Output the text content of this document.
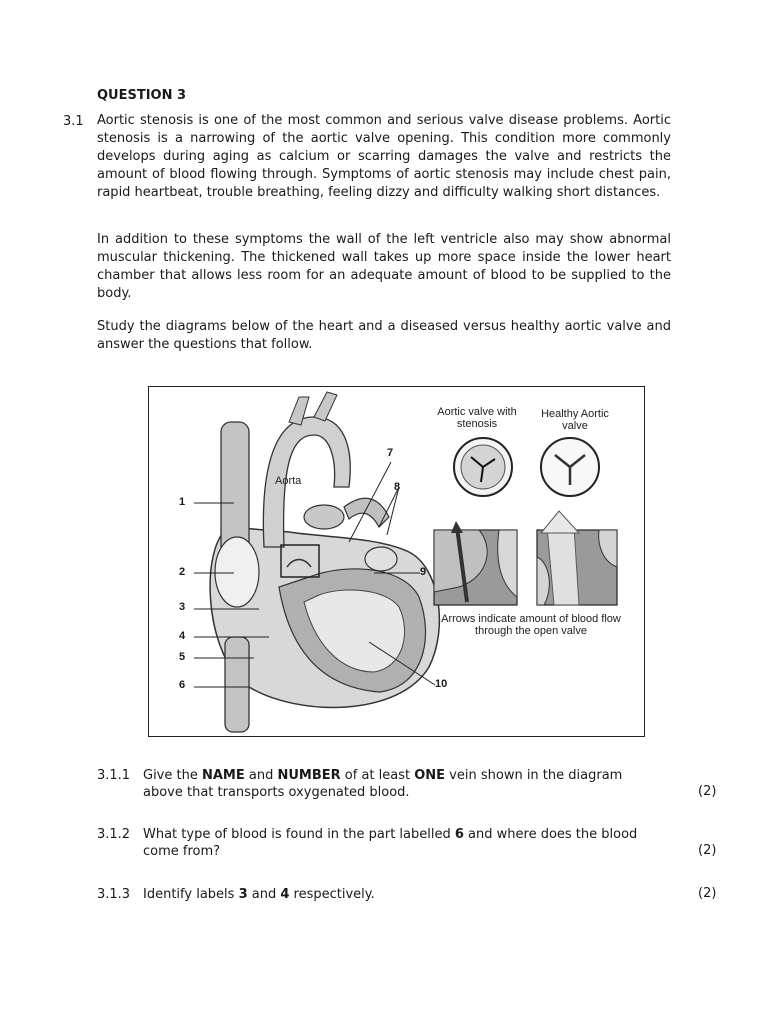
QUESTION 3
3.1 Aortic stenosis is one of the most common and serious valve disease problems. Aortic stenosis is a narrowing of the aortic valve opening. This condition more commonly develops during aging as calcium or scarring damages the valve and restricts the amount of blood flowing through. Symptoms of aortic stenosis may include chest pain, rapid heartbeat, trouble breathing, feeling dizzy and difficulty walking short distances.
In addition to these symptoms the wall of the left ventricle also may show abnormal muscular thickening. The thickened wall takes up more space inside the lower heart chamber that allows less room for an adequate amount of blood to be supplied to the body.
Study the diagrams below of the heart and a diseased versus healthy aortic valve and answer the questions that follow.
Aorta
Aortic valve with stenosis
Healthy Aortic valve
Arrows indicate amount of blood flow through the open valve
1
2
3
4
5
6
7
8
9
10
3.1.1 Give the NAME and NUMBER of at least ONE vein shown in the diagram above that transports oxygenated blood.	(2)
3.1.2 What type of blood is found in the part labelled 6 and where does the blood come from?	(2)
3.1.3 Identify labels 3 and 4 respectively.	(2)
